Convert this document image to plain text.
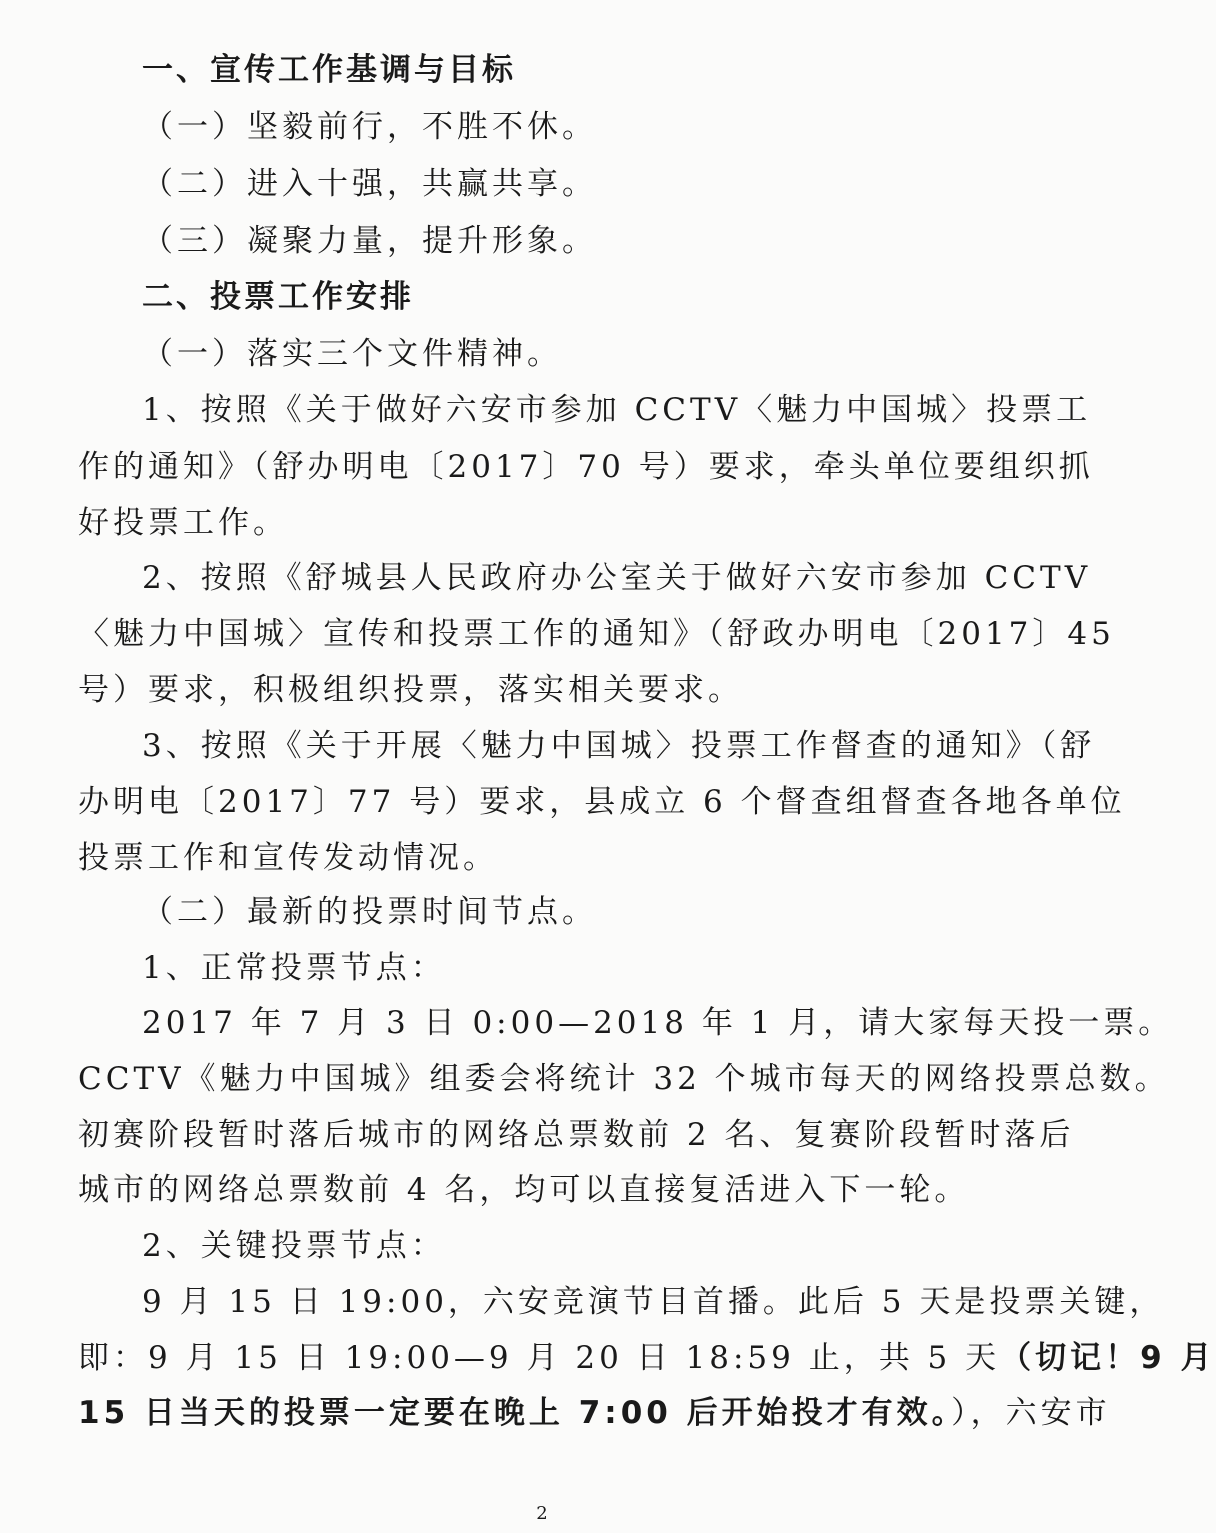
一、宣传工作基调与目标
（一）坚毅前行，不胜不休。
（二）进入十强，共赢共享。
（三）凝聚力量，提升形象。
二、投票工作安排
（一）落实三个文件精神。
1、按照《关于做好六安市参加 CCTV〈魅力中国城〉投票工
作的通知》（舒办明电〔2017〕70 号）要求，牵头单位要组织抓
好投票工作。
2、按照《舒城县人民政府办公室关于做好六安市参加 CCTV
〈魅力中国城〉宣传和投票工作的通知》（舒政办明电〔2017〕45
号）要求，积极组织投票，落实相关要求。
3、按照《关于开展〈魅力中国城〉投票工作督查的通知》（舒
办明电〔2017〕77 号）要求，县成立 6 个督查组督查各地各单位
投票工作和宣传发动情况。
（二）最新的投票时间节点。
1、正常投票节点：
2017 年 7 月 3 日 0:00—2018 年 1 月，请大家每天投一票。
CCTV《魅力中国城》组委会将统计 32 个城市每天的网络投票总数。
初赛阶段暂时落后城市的网络总票数前 2 名、复赛阶段暂时落后
城市的网络总票数前 4 名，均可以直接复活进入下一轮。
2、关键投票节点：
9 月 15 日 19:00，六安竞演节目首播。此后 5 天是投票关键，
即：9 月 15 日 19:00—9 月 20 日 18:59 止，共 5 天（切记！9 月
15 日当天的投票一定要在晚上 7:00 后开始投才有效。），六安市
2
